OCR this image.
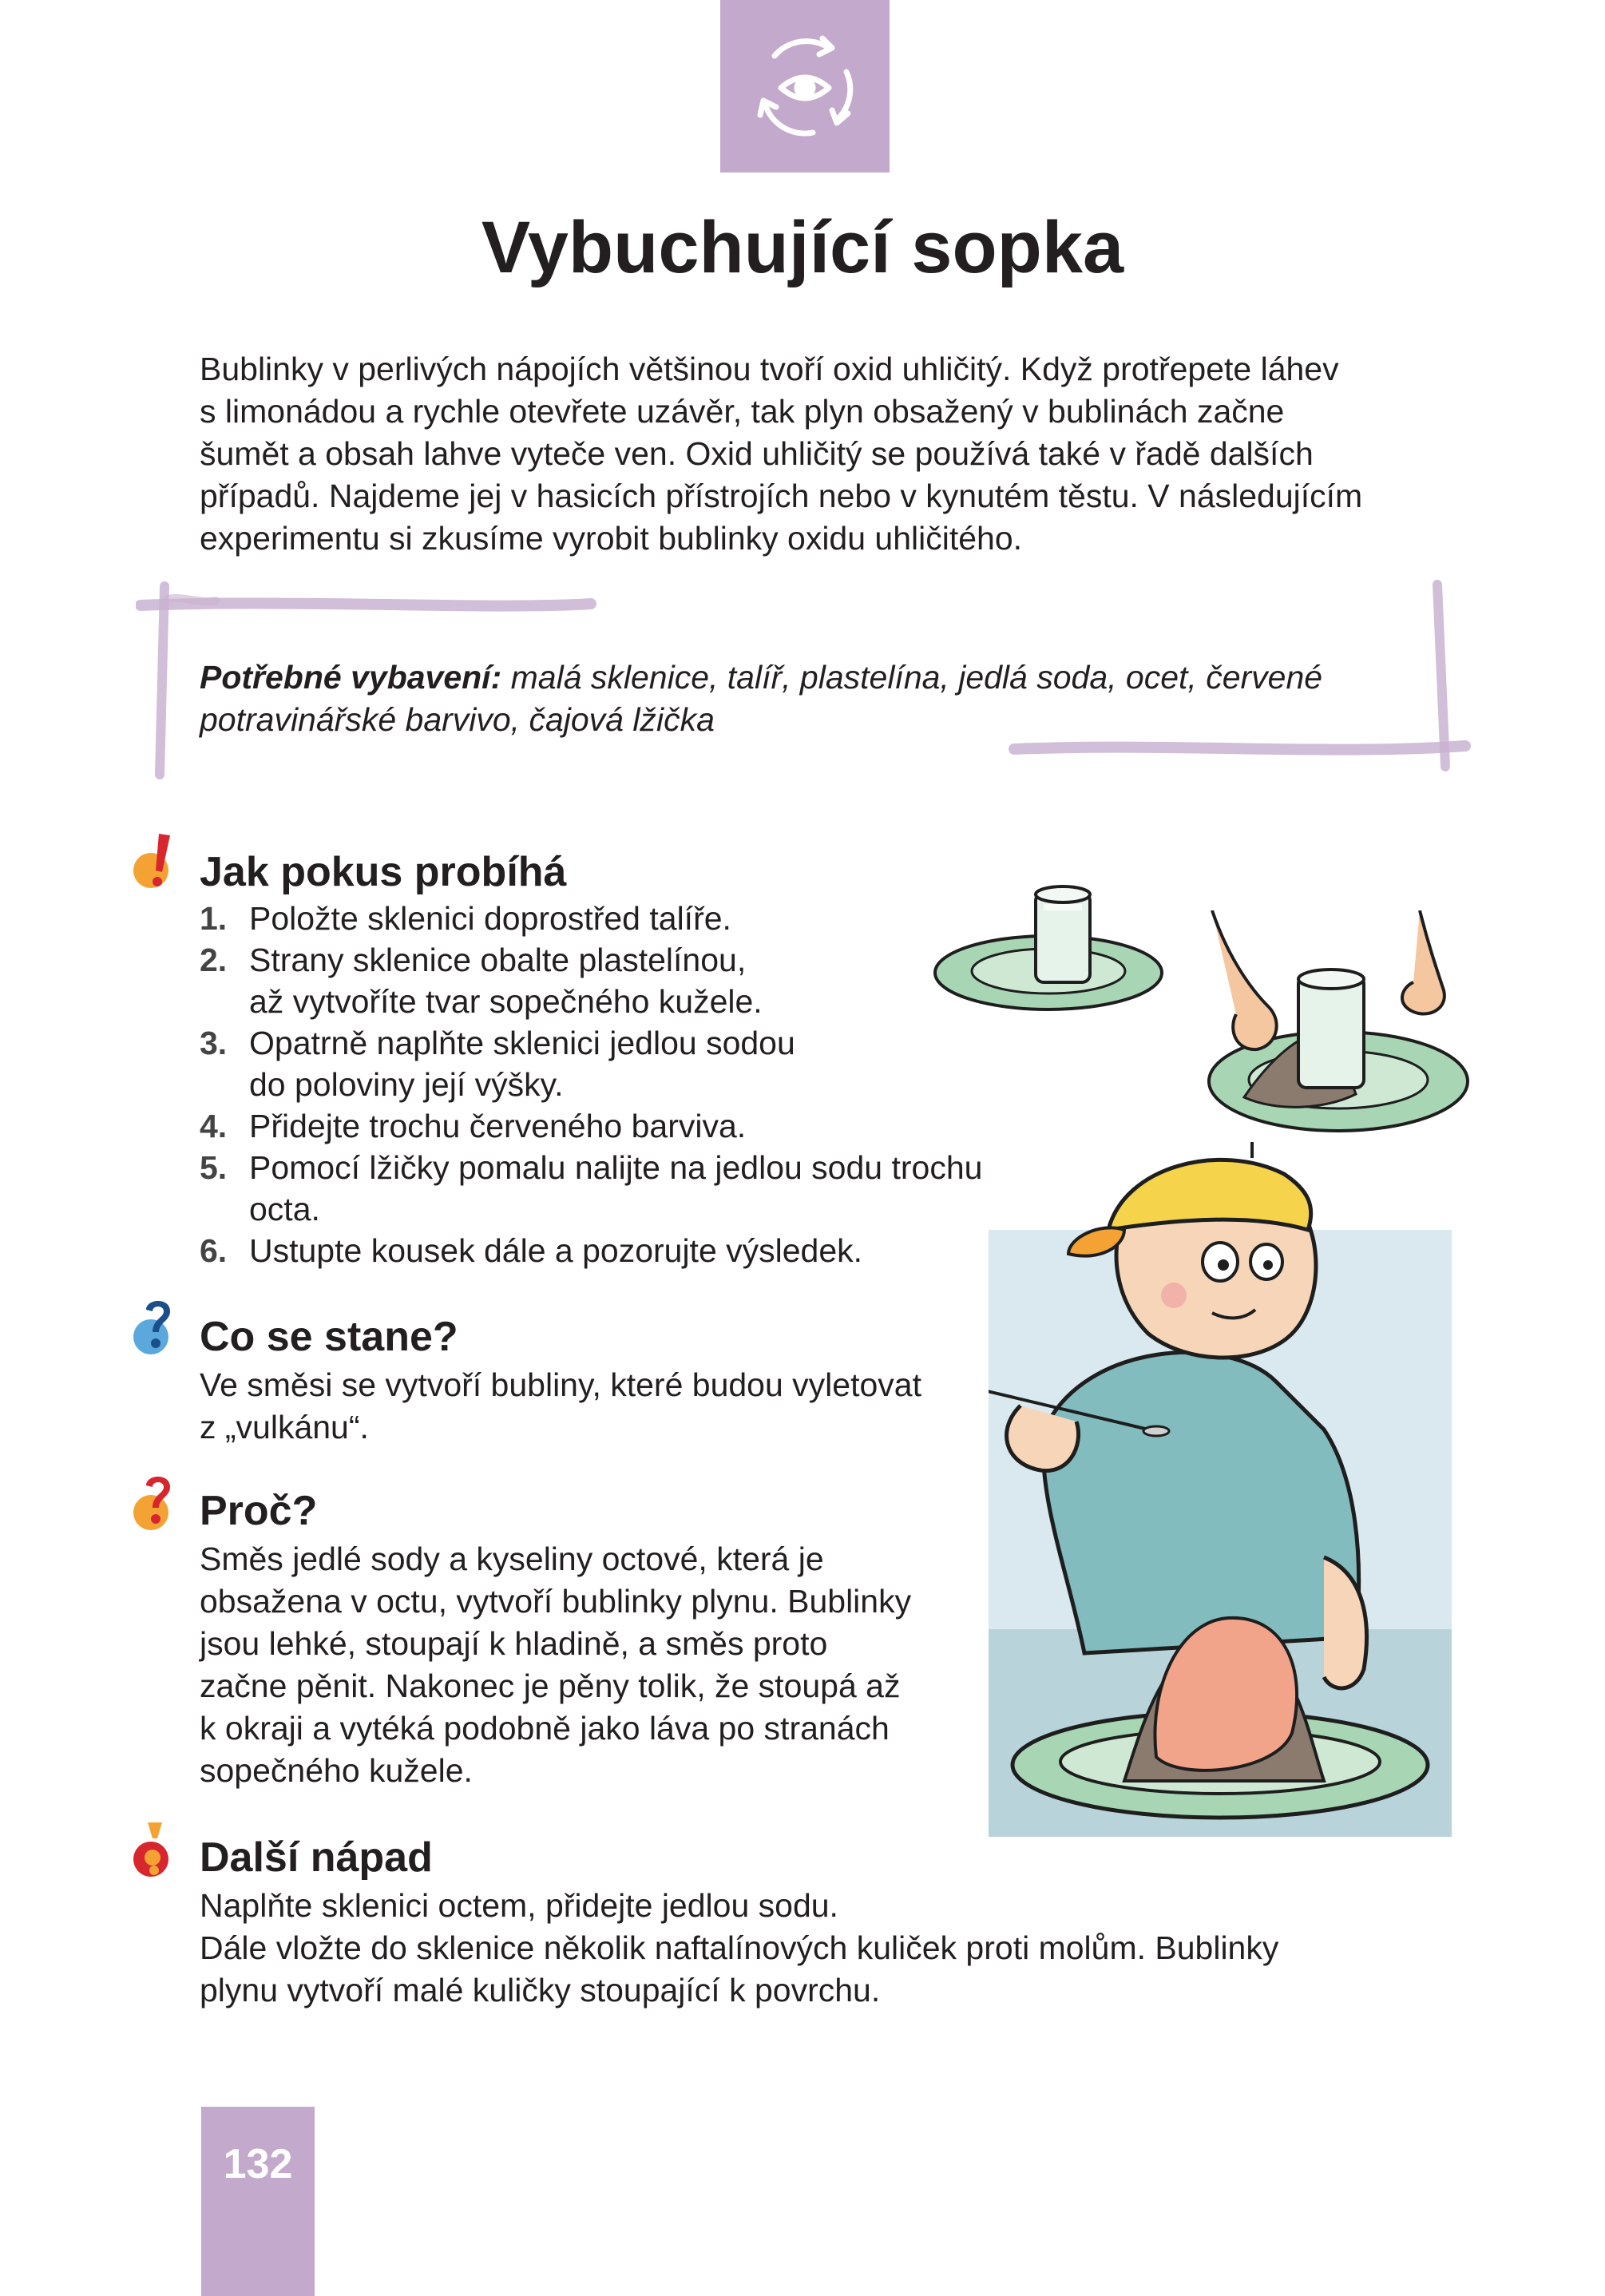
Vybuchující sopka
Bublinky v perlivých nápojích většinou tvoří oxid uhličitý. Když protřepete láhev
s limonádou a rychle otevřete uzávěr, tak plyn obsažený v bublinách začne
šumět a obsah lahve vyteče ven. Oxid uhličitý se používá také v řadě dalších
případů. Najdeme jej v hasicích přístrojích nebo v kynutém těstu. V následujícím
experimentu si zkusíme vyrobit bublinky oxidu uhličitého.
Potřebné vybavení: malá sklenice, talíř, plastelína, jedlá soda, ocet, červené
potravinářské barvivo, čajová lžička
Jak pokus probíhá
1. Položte sklenici doprostřed talíře.
2. Strany sklenice obalte plastelínou,
až vytvoříte tvar sopečného kužele.
3. Opatrně naplňte sklenici jedlou sodou
do poloviny její výšky.
4. Přidejte trochu červeného barviva.
5. Pomocí lžičky pomalu nalijte na jedlou sodu trochu
octa.
6. Ustupte kousek dále a pozorujte výsledek.
Co se stane?
Ve směsi se vytvoří bubliny, které budou vyletovat
z „vulkánu“.
Proč?
Směs jedlé sody a kyseliny octové, která je
obsažena v octu, vytvoří bublinky plynu. Bublinky
jsou lehké, stoupají k hladině, a směs proto
začne pěnit. Nakonec je pěny tolik, že stoupá až
k okraji a vytéká podobně jako láva po stranách
sopečného kužele.
Další nápad
Naplňte sklenici octem, přidejte jedlou sodu.
Dále vložte do sklenice několik naftalínových kuliček proti molům. Bublinky
plynu vytvoří malé kuličky stoupající k povrchu.
132
